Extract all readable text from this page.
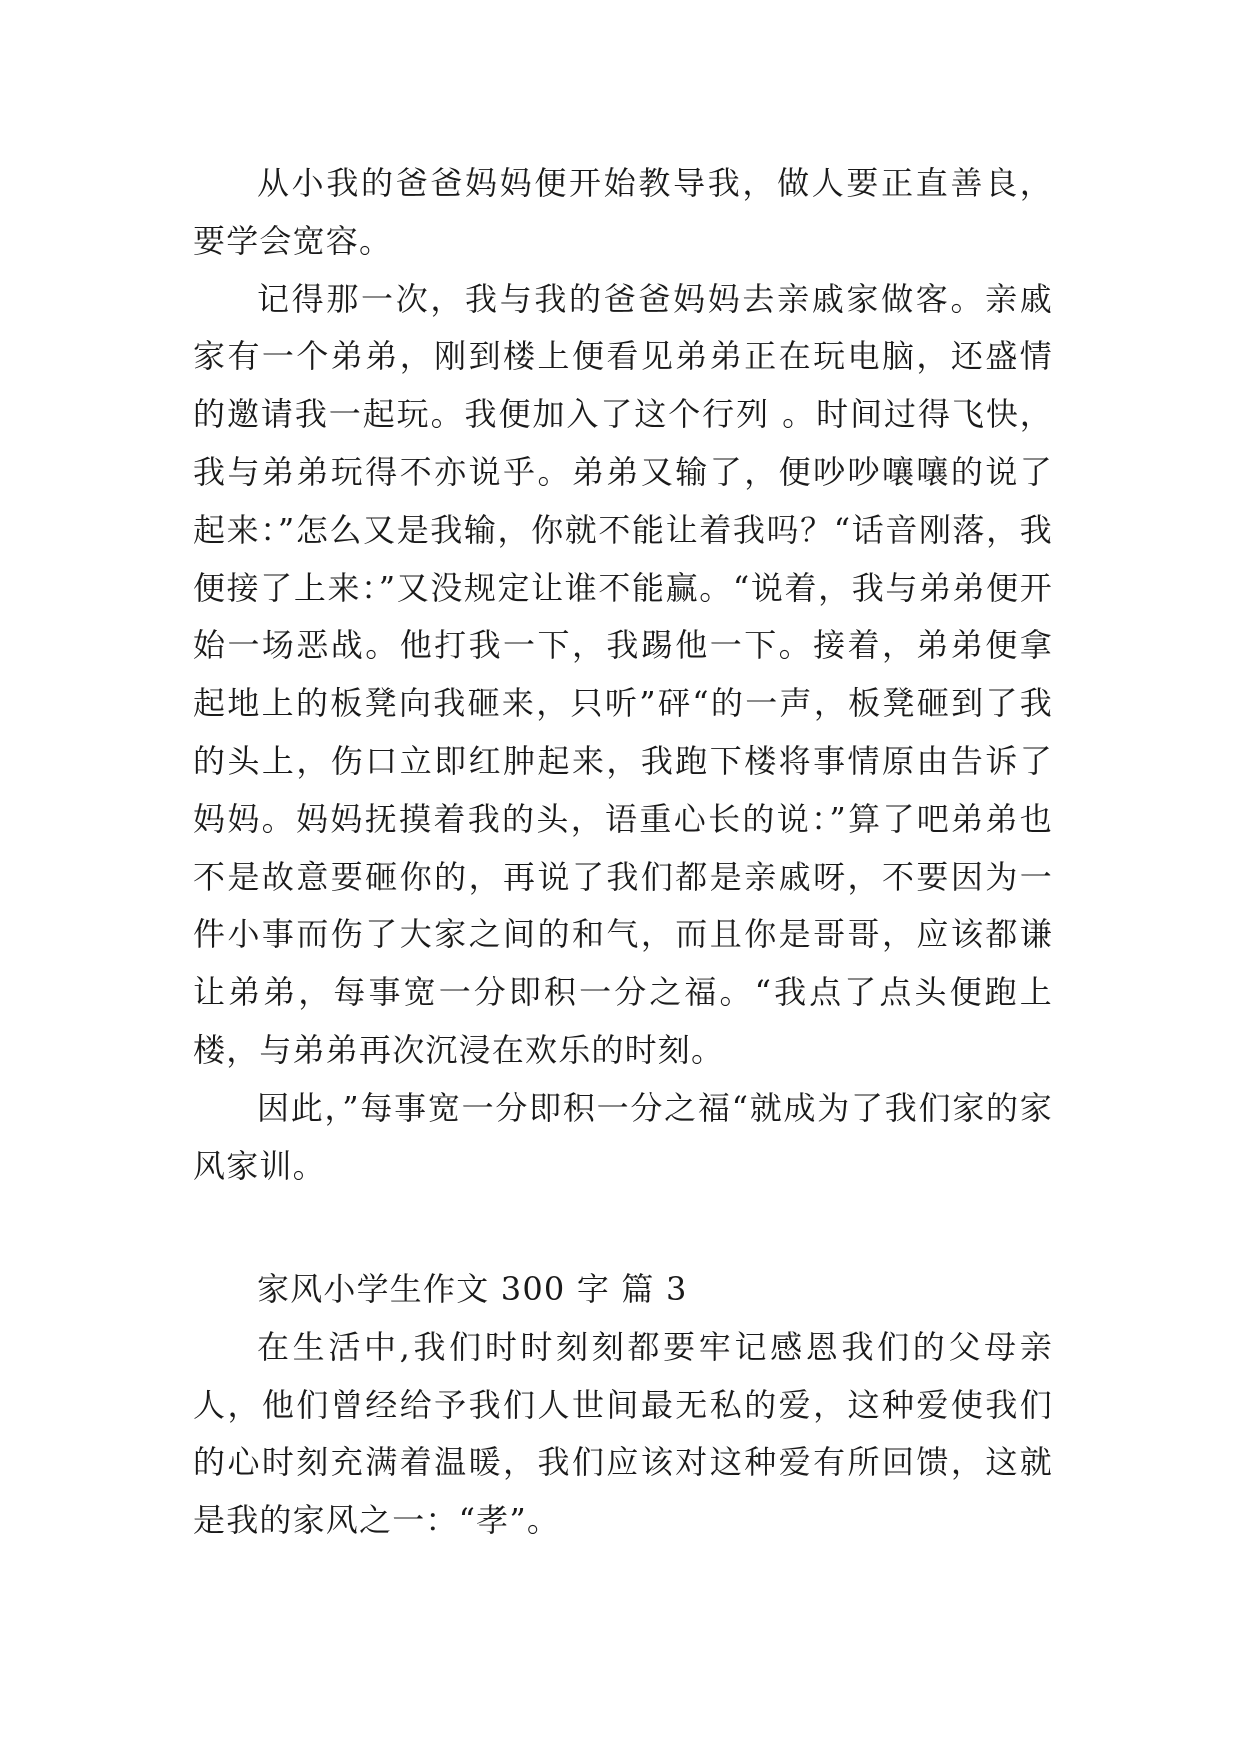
从小我的爸爸妈妈便开始教导我，做人要正直善良，要学会宽容。

记得那一次，我与我的爸爸妈妈去亲戚家做客。亲戚家有一个弟弟，刚到楼上便看见弟弟正在玩电脑，还盛情的邀请我一起玩。我便加入了这个行列 。时间过得飞快，我与弟弟玩得不亦说乎。弟弟又输了，便吵吵嚷嚷的说了起来：”怎么又是我输，你就不能让着我吗？“话音刚落，我便接了上来：”又没规定让谁不能赢。“说着，我与弟弟便开始一场恶战。他打我一下，我踢他一下。接着，弟弟便拿起地上的板凳向我砸来，只听”砰“的一声，板凳砸到了我的头上，伤口立即红肿起来，我跑下楼将事情原由告诉了妈妈。妈妈抚摸着我的头，语重心长的说：”算了吧弟弟也不是故意要砸你的，再说了我们都是亲戚呀，不要因为一件小事而伤了大家之间的和气，而且你是哥哥，应该都谦让弟弟，每事宽一分即积一分之福。“我点了点头便跑上楼，与弟弟再次沉浸在欢乐的时刻。

因此，”每事宽一分即积一分之福“就成为了我们家的家风家训。

家风小学生作文 300 字 篇 3

在生活中,我们时时刻刻都要牢记感恩我们的父母亲人，他们曾经给予我们人世间最无私的爱，这种爱使我们的心时刻充满着温暖，我们应该对这种爱有所回馈，这就是我的家风之一：“孝”。
